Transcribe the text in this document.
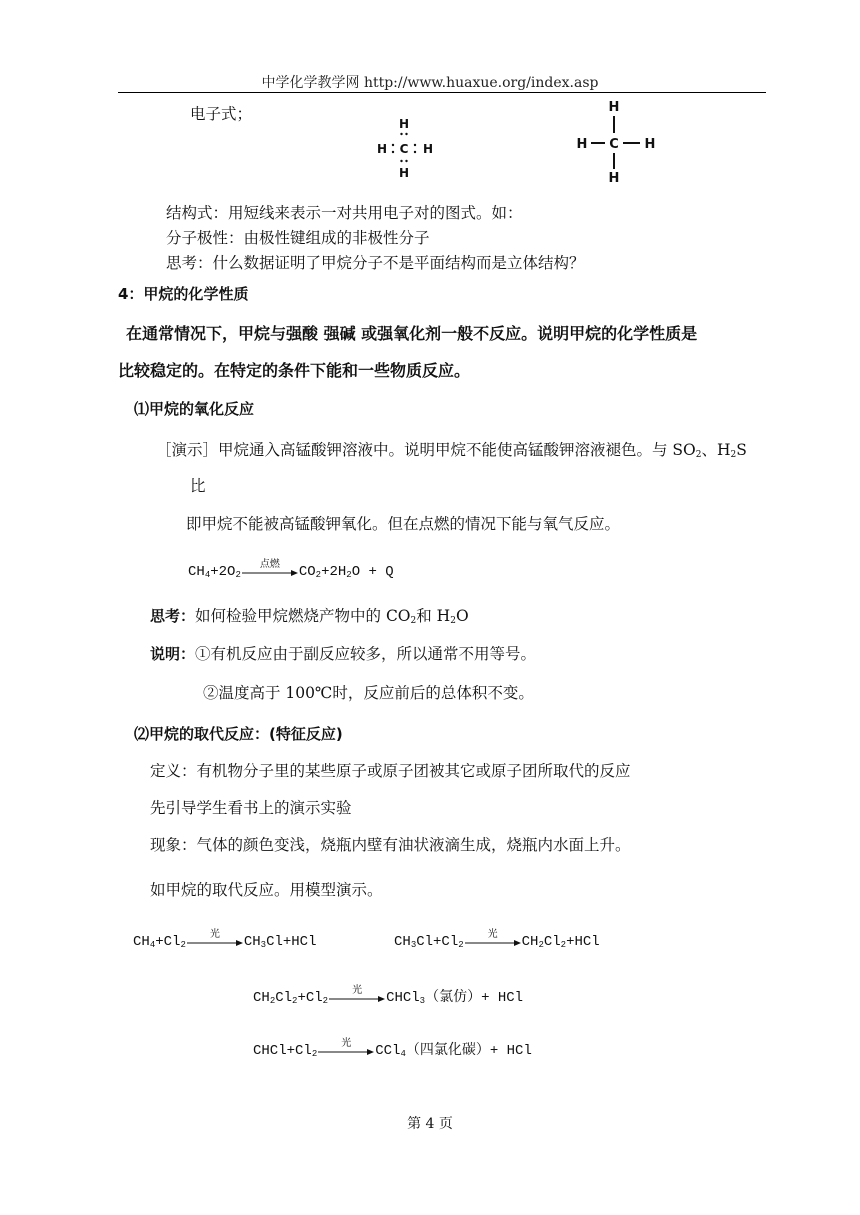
中学化学教学网 http://www.huaxue.org/index.asp
电子式；
H
H C H
H
H
H C H
H
结构式：用短线来表示一对共用电子对的图式。如：
分子极性：由极性键组成的非极性分子
思考：什么数据证明了甲烷分子不是平面结构而是立体结构？
4：甲烷的化学性质
在通常情况下，甲烷与强酸 强碱 或强氧化剂一般不反应。说明甲烷的化学性质是
比较稳定的。在特定的条件下能和一些物质反应。
⑴甲烷的氧化反应
［演示］甲烷通入高锰酸钾溶液中。说明甲烷不能使高锰酸钾溶液褪色。与 $SO_2$、$H_2S$
比
即甲烷不能被高锰酸钾氧化。但在点燃的情况下能与氧气反应。
$CH_4+2O_2$
点燃	$CO_2+2H_2O + Q$
思考：如何检验甲烷燃烧产物中的 $CO_2$和 $H_2O$
说明：①有机反应由于副反应较多，所以通常不用等号。
②温度高于 100℃时，反应前后的总体积不变。
⑵甲烷的取代反应：(特征反应)
定义：有机物分子里的某些原子或原子团被其它或原子团所取代的反应
先引导学生看书上的演示实验
现象：气体的颜色变浅，烧瓶内壁有油状液滴生成，烧瓶内水面上升。
如甲烷的取代反应。用模型演示。
$CH_4+Cl_2$
光	$CH_3Cl+HCl$	$CH_3Cl+Cl_2$
光	$CH_2Cl_2+HCl$
$CH_2Cl_2+Cl_2$
光	CHCl$_3$（氯仿）+ HCl
$CHCl+Cl_2$
光	CCl$_4$（四氯化碳）+ HCl
第 4 页
